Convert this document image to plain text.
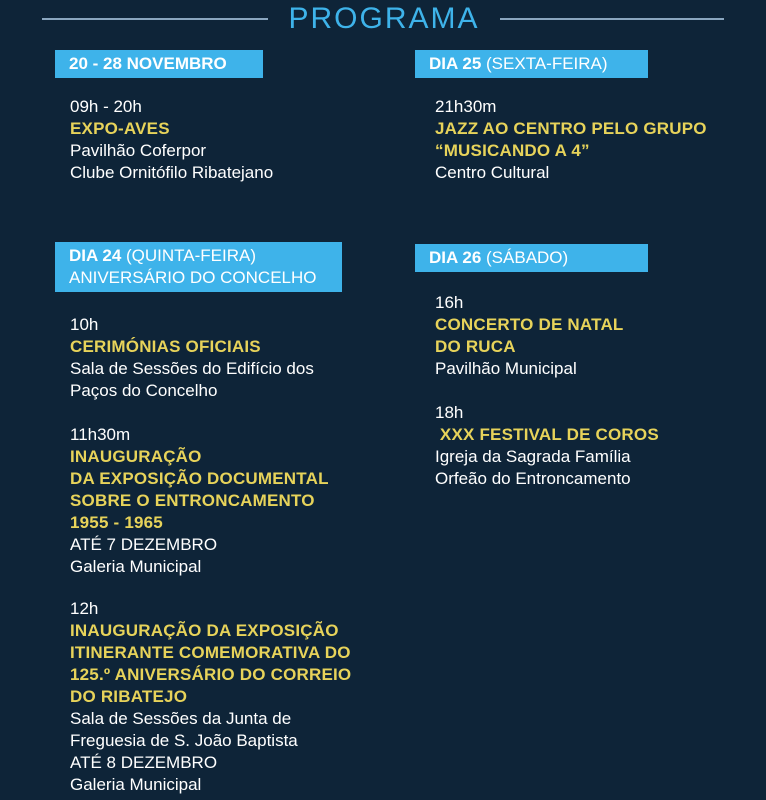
PROGRAMA
20 - 28 NOVEMBRO
09h - 20h
EXPO-AVES
Pavilhão Coferpor
Clube Ornitófilo Ribatejano
DIA 24 (QUINTA-FEIRA)
ANIVERSÁRIO DO CONCELHO
10h
CERIMÓNIAS OFICIAIS
Sala de Sessões do Edifício dos
Paços do Concelho
11h30m
INAUGURAÇÃO
DA EXPOSIÇÃO DOCUMENTAL
SOBRE O ENTRONCAMENTO
1955 - 1965
ATÉ 7 DEZEMBRO
Galeria Municipal
12h
INAUGURAÇÃO DA EXPOSIÇÃO
ITINERANTE COMEMORATIVA DO
125.º ANIVERSÁRIO DO CORREIO
DO RIBATEJO
Sala de Sessões da Junta de
Freguesia de S. João Baptista
ATÉ 8 DEZEMBRO
Galeria Municipal
DIA 25 (SEXTA-FEIRA)
21h30m
JAZZ AO CENTRO PELO GRUPO
“MUSICANDO A 4”
Centro Cultural
DIA 26 (SÁBADO)
16h
CONCERTO DE NATAL
DO RUCA
Pavilhão Municipal
18h
XXX FESTIVAL DE COROS
Igreja da Sagrada Família
Orfeão do Entroncamento
